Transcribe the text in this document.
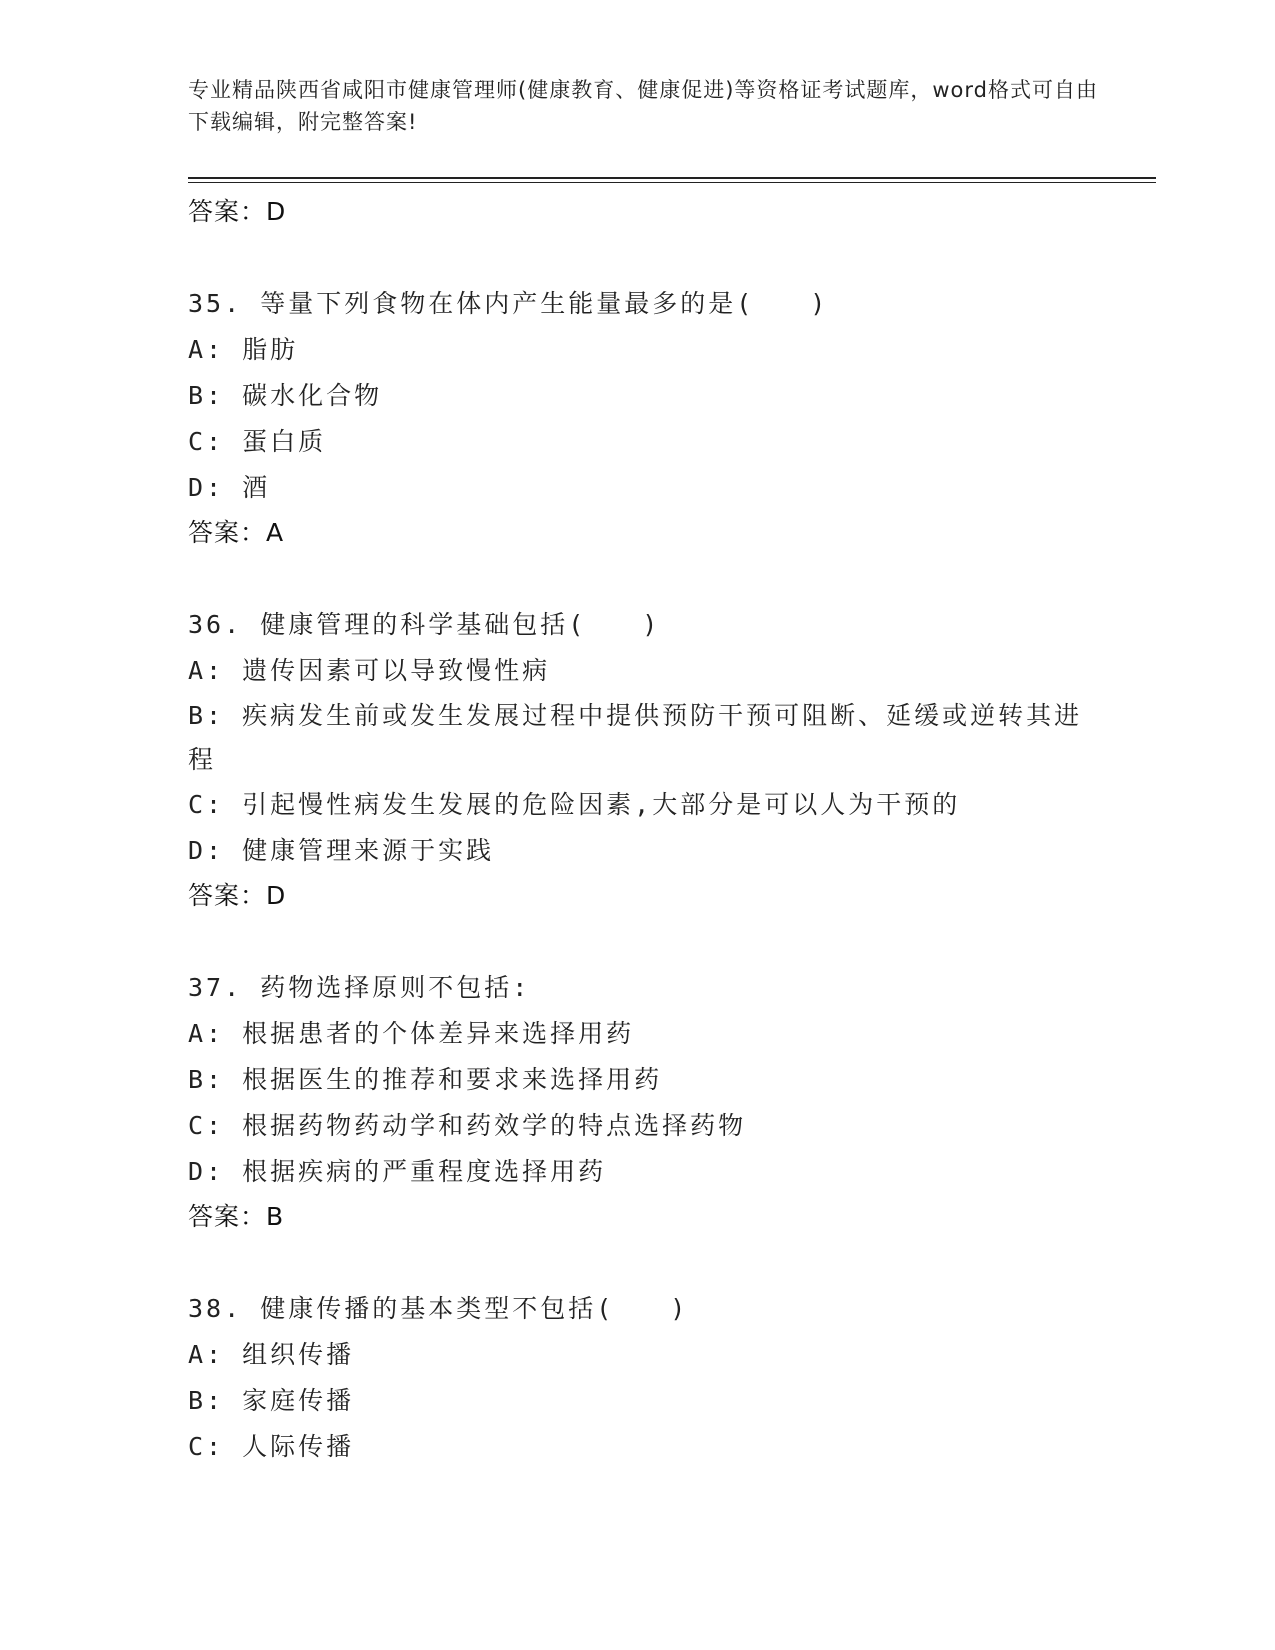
专业精品陕西省咸阳市健康管理师(健康教育、健康促进)等资格证考试题库，word格式可自由下载编辑，附完整答案!
答案：D
35. 等量下列食物在体内产生能量最多的是(　　)
A: 脂肪
B: 碳水化合物
C: 蛋白质
D: 酒
答案：A
36. 健康管理的科学基础包括(　　)
A: 遗传因素可以导致慢性病
B: 疾病发生前或发生发展过程中提供预防干预可阻断、延缓或逆转其进程
C: 引起慢性病发生发展的危险因素,大部分是可以人为干预的
D: 健康管理来源于实践
答案：D
37. 药物选择原则不包括:
A: 根据患者的个体差异来选择用药
B: 根据医生的推荐和要求来选择用药
C: 根据药物药动学和药效学的特点选择药物
D: 根据疾病的严重程度选择用药
答案：B
38. 健康传播的基本类型不包括(　　)
A: 组织传播
B: 家庭传播
C: 人际传播
